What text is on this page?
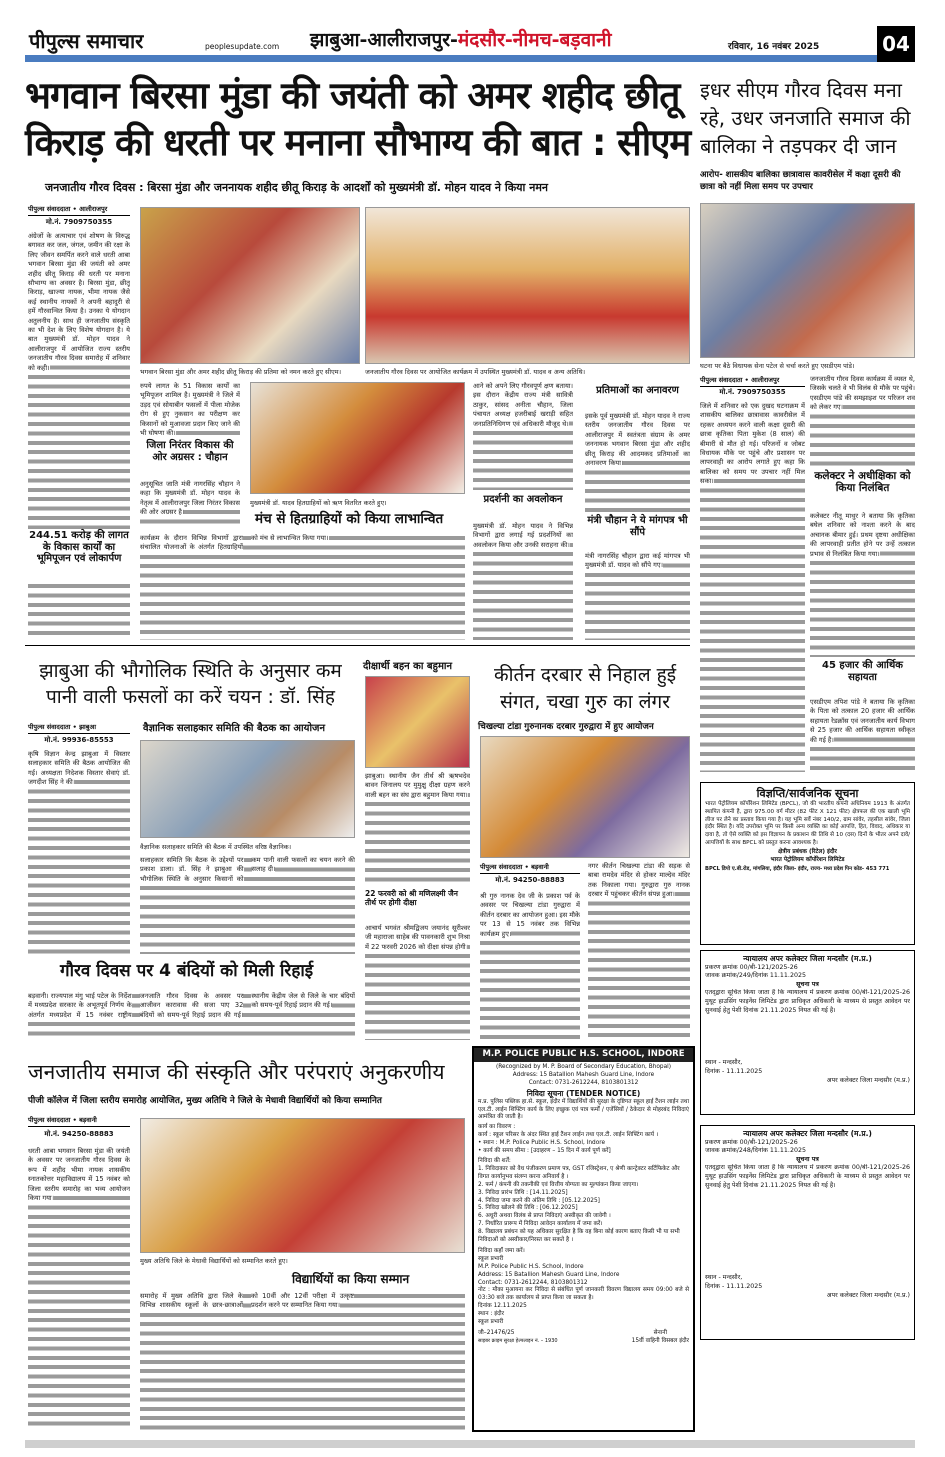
पीपुल्स समाचार	peoplesupdate.com झाबुआ-आलीराजपुर-मंदसौर-नीमच-बड़वानी	रविवार, 16 नवंबर 2025	04
भगवान बिरसा मुंडा की जयंती को अमर शहीद छीतू किराड़ की धरती पर मनाना सौभाग्य की बात : सीएम
जनजातीय गौरव दिवस : बिरसा मुंडा और जननायक शहीद छीतू किराड़ के आदर्शों को मुख्यमंत्री डॉ. मोहन यादव ने किया नमन
इधर सीएम गौरव दिवस मना रहे, उधर जनजाति समाज की बालिका ने तड़पकर दी जान
आरोप- शासकीय बालिका छात्रावास कावरीसेल में कक्षा दूसरी की छात्रा को नहीं मिला समय पर उपचार
पीपुल्स संवाददाता • आलीराजपुर
मो.नं. 7909750355
अंग्रेजों के अत्याचार एवं शोषण के विरुद्ध बगावत कर जल, जंगल, जमीन की रक्षा के लिए जीवन समर्पित करने वाले धरती आबा भगवान बिरसा मुंडा की जयंती को अमर शहीद छीतू किराड़ की धरती पर मनाना सौभाग्य का अवसर है। बिरसा मुंडा, छीतू किराड़, खाज्या नायक, भीमा नायक जैसे कई स्थानीय नायकों ने अपनी बहादुरी से हमें गौरवान्वित किया है। उनका ये योगदान अतुलनीय है। साथ ही जनजातीय संस्कृति का भी देश के लिए विशेष योगदान है। ये बात मुख्यमंत्री डॉ. मोहन यादव ने आलीराजपुर में आयोजित राज्य स्तरीय जनजातीय गौरव दिवस समारोह में शनिवार को कही।
244.51 करोड़ की लागत के विकास कार्यों का भूमिपूजन एवं लोकार्पण
भगवान बिरसा मुंडा और अमर शहीद छीतू किराड़ की प्रतिमा को नमन करते हुए सीएम।	जनजातीय गौरव दिवस पर आयोजित कार्यक्रम में उपस्थित मुख्यमंत्री डॉ. यादव व अन्य अतिथि।
रुपये लागत के 51 विकास कार्यों का भूमिपूजन शामिल है। मुख्यमंत्री ने जिले में उड़द एवं सोयाबीन फसलों में पीला मोजेक रोग से हुए नुकसान का परीक्षण कर किसानों को मुआवजा प्रदान किए जाने की भी घोषणा की।
जिला निरंतर विकास की ओर अग्रसर : चौहान
अनुसूचित जाति मंत्री नागरसिंह चौहान ने कहा कि मुख्यमंत्री डॉ. मोहन यादव के नेतृत्व में आलीराजपुर जिला निरंतर विकास की ओर अग्रसर है।
मुख्यमंत्री डॉ. यादव हितग्राहियों को ऋण वितरित करते हुए।
मंच से हितग्राहियों को किया लाभान्वित
कार्यक्रम के दौरान विभिन्न विभागों द्वारा संचालित योजनाओं के अंतर्गत हितग्राहियों को मंच से लाभान्वित किया गया।
आने को अपने लिए गौरवपूर्ण क्षण बताया। इस दौरान केंद्रीय राज्य मंत्री सावित्री ठाकुर, सांसद अनीता चौहान, जिला पंचायत अध्यक्ष हजरीबाई खराड़ी सहित जनप्रतिनिधिगण एवं अधिकारी मौजूद थे।
प्रदर्शनी का अवलोकन
मुख्यमंत्री डॉ. मोहन यादव ने विभिन्न विभागों द्वारा लगाई गई प्रदर्शनियों का अवलोकन किया और उनकी सराहना की।
प्रतिमाओं का अनावरण
इसके पूर्व मुख्यमंत्री डॉ. मोहन यादव ने राज्य स्तरीय जनजातीय गौरव दिवस पर आलीराजपुर में स्वतंत्रता संग्राम के अमर जननायक भगवान बिरसा मुंडा और शहीद छीतू किराड़ की आदमकद प्रतिमाओं का अनावरण किया।
मंत्री चौहान ने ये मांगपत्र भी सौंपे
मंत्री नागरसिंह चौहान द्वारा कई मांगपत्र भी मुख्यमंत्री डॉ. यादव को सौंपे गए।
घटना पर बैठे विधायक सेना पटेल से चर्चा करते हुए एसडीएम पांडे।
पीपुल्स संवाददाता • आलीराजपुर
मो.नं. 7909750355
जिले में शनिवार को एक दुखद घटनाक्रम में शासकीय बालिका छात्रावास कावरीसेल में रहकर अध्ययन करने वाली कक्षा दूसरी की छात्रा कृतिका पिता मुकेश (8 साल) की बीमारी से मौत हो गई। परिजनों व जोबट विधायक मौके पर पहुंचे और प्रशासन पर लापरवाही का आरोप लगाते हुए कहा कि बालिका को समय पर उपचार नहीं मिल सका।
जनजातीय गौरव दिवस कार्यक्रम में व्यस्त थे, जिसके चलते वे भी विलंब से मौके पर पहुंचे। एसडीएम पांडे की समझाइश पर परिजन शव को लेकर गए।
कलेक्टर ने अधीक्षिका को किया निलंबित
कलेक्टर नीतू माथुर ने बताया कि कृतिका बघेल शनिवार को नाश्ता करने के बाद अचानक बीमार हुई। प्रथम दृष्टया अधीक्षिका की लापरवाही प्रतीत होने पर उन्हें तत्काल प्रभाव से निलंबित किया गया।
45 हजार की आर्थिक सहायता
एसडीएम तपिश पांडे ने बताया कि कृतिका के पिता को तत्काल 20 हजार की आर्थिक सहायता रेडक्रॉस एवं जनजातीय कार्य विभाग से 25 हजार की आर्थिक सहायता स्वीकृत की गई है।
झाबुआ की भौगोलिक स्थिति के अनुसार कम
पानी वाली फसलों का करें चयन : डॉ. सिंह
पीपुल्स संवाददाता • झाबुआ	वैज्ञानिक सलाहकार समिति की बैठक का आयोजन
मो.नं. 99936-85553
कृषि विज्ञान केन्द्र झाबुआ में विस्तार सलाहकार समिति की बैठक आयोजित की गई। अध्यक्षता निदेशक विस्तार सेवाएं डॉ. जगदीश सिंह ने की।
वैज्ञानिक सलाहकार समिति की बैठक में उपस्थित वरिष्ठ वैज्ञानिक।
सलाहकार समिति कि बैठक के उद्देश्यों पर प्रकाश डाला। डॉ. सिंह ने झाबुआ की भौगोलिक स्थिति के अनुसार किसानों को कम पानी वाली फसलों का चयन करने की सलाह दी।
दीक्षार्थी बहन का बहुमान
झाबुआ। स्थानीय जैन तीर्थ श्री ऋषभदेव बावन जिनालय पर मुमुक्षु दीक्षा ग्रहण करने वाली बहन का संघ द्वारा बहुमान किया गया।
22 फरवरी को श्री मणिलक्ष्मी जैन तीर्थ पर होगी दीक्षा
आचार्य भगवंत श्रीमद्विजय जयानंद सूरीश्वर जी महाराजा साहेब की पावनकारी शुभ निश्रा में 22 फरवरी 2026 को दीक्षा संपन्न होगी।
कीर्तन दरबार से निहाल हुई
संगत, चखा गुरु का लंगर
चिखल्या टांडा गुरुनानक दरबार गुरुद्वारा में हुए आयोजन
पीपुल्स संवाददाता • बड़वानी
मो.नं. 94250-88883
श्री गुरु नानक देव जी के प्रकाश पर्व के अवसर पर चिखल्या टांडा गुरुद्वारा में कीर्तन दरबार का आयोजन हुआ। इस मौके पर 13 से 15 नवंबर तक विभिन्न कार्यक्रम हुए।
नगर कीर्तन चिखल्या टांडा की सड़क से बाबा रामदेव मंदिर से होकर माल्देव मंदिर तक निकाला गया। गुरुद्वारा गुरु नानक दरबार में पहुंचकर कीर्तन संपन्न हुआ।
गौरव दिवस पर 4 बंदियों को मिली रिहाई
बड़वानी। राज्यपाल मंगु भाई पटेल के निर्देश में मध्यप्रदेश सरकार के अभूतपूर्व निर्णय के अंतर्गत मध्यप्रदेश में 15 नवंबर राष्ट्रीय जनजाति गौरव दिवस के अवसर पर आजीवन कारावास की सजा पाए 32 बंदियों को समय-पूर्व रिहाई प्रदान की गई। स्थानीय केंद्रीय जेल से जिले के चार बंदियों को समय-पूर्व रिहाई प्रदान की गई।
विज्ञप्ति/सार्वजनिक सूचना
भारत पेट्रोलियम कॉर्पोरेशन लिमिटेड (BPCL), जो की भारतीय कंपनी अधिनियम 1913 के अंतर्गत स्थापित कंपनी है, द्वारा 975.00 वर्ग मीटर (82 फीट X 121 फीट) क्षेत्रफल की एक खाली भूमि लीज पर लेने का प्रस्ताव किया गया है। यह भूमि सर्वे नंबर 140/2, ग्राम सांवेर, तहसील सांवेर, जिला इंदौर स्थित है। यदि उपरोक्त भूमि पर किसी अन्य व्यक्ति का कोई आपत्ति, हित, विवाद, अधिकार या दावा है, तो ऐसे व्यक्ति को इस विज्ञापन के प्रकाशन की तिथि से 10 (दस) दिनों के भीतर अपने दावे/आपत्तियों के साथ BPCL को प्रस्तुत करना आवश्यक है।
क्षेत्रीय प्रबंधक (रिटेल) इंदौर
भारत पेट्रोलियम कॉर्पोरेशन लिमिटेड
BPCL डिपो ए.बी.रोड, मांगलिया, इंदौर जिला- इंदौर, राज्य- मध्य प्रदेश पिन कोड- 453 771
न्यायालय अपर कलेक्टर जिला मन्दसौर (म.प्र.)
प्रकरण क्रमांक 00/बी-121/2025-26
जावक क्रमांक/249/दिनांक 11.11.2025
सूचना पत्र
एतद्‌द्वारा सूचित किया जाता है कि न्यायालय में प्रकरण क्रमांक 00/बी-121/2025-26 मुथूट हाउसिंग फाइनेंस लिमिटेड द्वारा प्राधिकृत अधिकारी के माध्यम से प्रस्तुत आवेदन पर सुनवाई हेतु पेशी दिनांक 21.11.2025 नियत की गई है।
स्थान - मन्दसौर,
दिनांक - 11.11.2025
अपर कलेक्टर जिला मन्दसौर (म.प्र.)
न्यायालय अपर कलेक्टर जिला मन्दसौर (म.प्र.)
प्रकरण क्रमांक 00/बी-121/2025-26
जावक क्रमांक/248/दिनांक 11.11.2025
सूचना पत्र
एतद्‌द्वारा सूचित किया जाता है कि न्यायालय में प्रकरण क्रमांक 00/बी-121/2025-26 मुथूट हाउसिंग फाइनेंस लिमिटेड द्वारा प्राधिकृत अधिकारी के माध्यम से प्रस्तुत आवेदन पर सुनवाई हेतु पेशी दिनांक 21.11.2025 नियत की गई है।
स्थान - मन्दसौर,
दिनांक - 11.11.2025
अपर कलेक्टर जिला मन्दसौर (म.प्र.)
जनजातीय समाज की संस्कृति और परंपराएं अनुकरणीय
पीजी कॉलेज में जिला स्तरीय समारोह आयोजित, मुख्य अतिथि ने जिले के मेधावी विद्यार्थियों को किया सम्मानित
पीपुल्स संवाददाता • बड़वानी
मो.नं. 94250-88883
धरती आबा भगवान बिरसा मुंडा की जयंती के अवसर पर जनजातीय गौरव दिवस के रूप में शहीद भीमा नायक शासकीय स्नातकोत्तर महाविद्यालय में 15 नवंबर को जिला स्तरीय समारोह का भव्य आयोजन किया गया।
मुख्य अतिथि जिले के मेधावी विद्यार्थियों को सम्मानित करते हुए।
विद्यार्थियों का किया सम्मान
समारोह में मुख्य अतिथि द्वारा जिले के विभिन्न शासकीय स्कूलों के छात्र-छात्राओं को 10वीं और 12वीं परीक्षा में उत्कृष्ट प्रदर्शन करने पर सम्मानित किया गया।
M.P. POLICE PUBLIC H.S. SCHOOL, INDORE
(Recognized by M. P. Board of Secondary Education, Bhopal)
Address: 15 Batallion Mahesh Guard Line, Indore
Contact: 0731-2612244, 8103801312
निविदा सूचना (TENDER NOTICE)
म.प्र. पुलिस पब्लिक हा.से. स्कूल, इंदौर में विद्यार्थियों की सुरक्षा के दृष्टिगत स्कूल हाई टैंशन लाईन तथा एल.टी. लाईन शिफ्टिंग कार्य के लिए इच्छुक एवं पात्र फर्मों / एजेंसियों / ठेकेदार से मोहरबंद निविदाएं आमंत्रित की जाती है।
कार्य का विवरण :
कार्य : स्कूल परिसर के अंदर स्थित हाई टैंशन लाईन तथा एल.टी. लाईन शिफ्टिंग कार्य ।
• स्थान : M.P. Police Public H.S. School, Indore
• कार्य की समय सीमा : [उदाहरण – 15 दिन में कार्य पूर्ण करें]
निविदा की शर्तें:
1. निविदाकार को वैध पंजीकरण प्रमाण पत्र, GST रजिस्ट्रेशन, ए श्रेणी कान्ट्रेक्टर सर्टिफिकेट और विगत कार्यानुभव संलग्न करना अनिवार्य है ।
2. फर्म / कंपनी की तकनीकी एवं वित्तीय योग्यता का मूल्यांकन किया जाएगा।
3. निविदा प्रारंभ तिथि : [14.11.2025]
4. निविदा जमा करने की अंतिम तिथि : [05.12.2025]
5. निविदा खोलने की तिथि : [06.12.2025]
6. अधूरी अथवा विलंब से प्राप्त निविदाएं अस्वीकृत की जावेगी ।
7. निर्धारित प्रारूप में निविदा आवेदन कार्यालय में जमा करें।
8. विद्यालय प्रबंधन को यह अधिकार सुरक्षित है कि वह बिना कोई कारण बताए किसी भी या सभी निविदाओं को अस्वीकार/निरस्त कर सकते है ।
निविदा कहाँ जमा करें।
स्कूल प्रभारी
M.P. Police Public H.S. School, Indore
Address: 15 Batallion Mahesh Guard Line, Indore
Contact: 0731-2612244, 8103801312
नोट : मौका मुआयना कर निविदा से संबंधित पूर्ण जानकारी विवरण विद्यालय समय 09:00 बजे से 03:30 बजे तक कार्यालय से प्राप्त किया जा सकता है।
दिनांक 12.11.2025
स्थान : इंदौर
स्कूल प्रभारी
जी–21476/25
साइबर क्राइम सुरक्षा हेल्पलाइन नं. – 1930
सेनानी
15वीं वाहिनी विसबल इंदौर
